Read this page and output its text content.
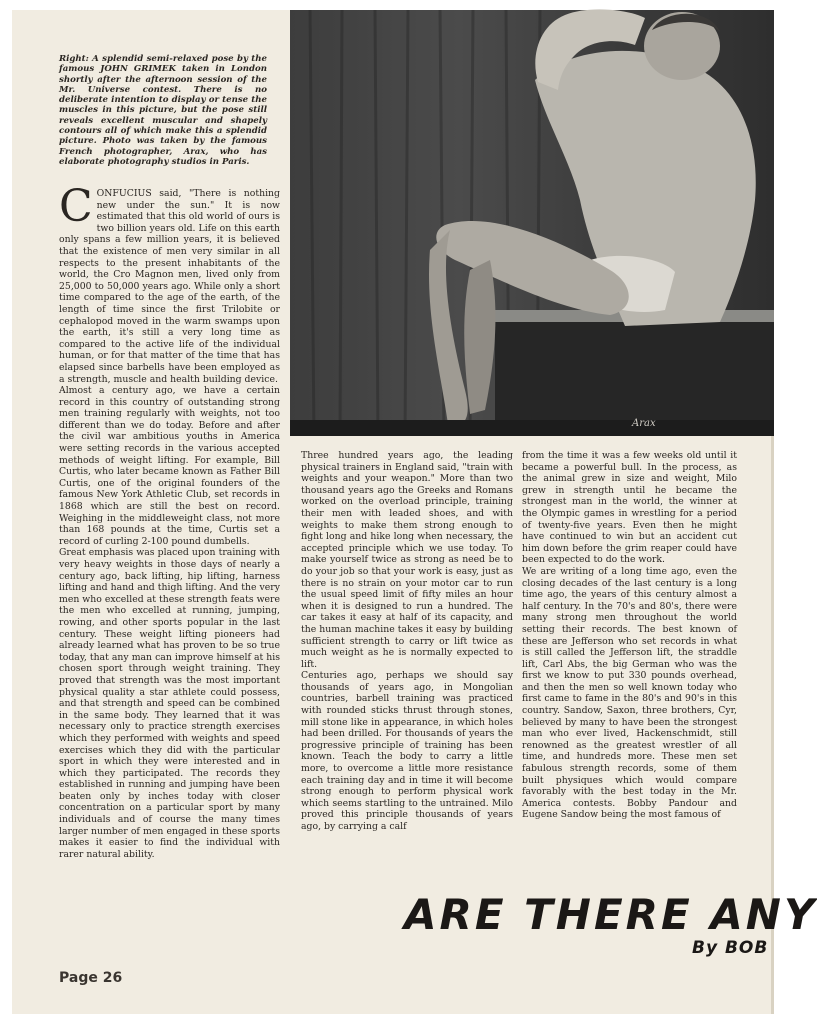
Right: A splendid semi-relaxed pose by the famous JOHN GRIMEK taken in London shortly after the afternoon session of the Mr. Universe contest. There is no deliberate intention to display or tense the muscles in this picture, but the pose still reveals excellent muscular and shapely contours all of which make this a splendid picture. Photo was taken by the famous French photographer, Arax, who has elaborate photography studios in Paris.

Arax

CONFUCIUS said, "There is nothing new under the sun." It is now estimated that this old world of ours is two billion years old. Life on this earth only spans a few million years, it is believed that the existence of men very similar in all respects to the present inhabitants of the world, the Cro Magnon men, lived only from 25,000 to 50,000 years ago. While only a short time compared to the age of the earth, of the length of time since the first Trilobite or cephalopod moved in the warm swamps upon the earth, it's still a very long time as compared to the active life of the individual human, or for that matter of the time that has elapsed since barbells have been employed as a strength, muscle and health building device.
Almost a century ago, we have a certain record in this country of outstanding strong men training regularly with weights, not too different than we do today. Before and after the civil war ambitious youths in America were setting records in the various accepted methods of weight lifting. For example, Bill Curtis, who later became known as Father Bill Curtis, one of the original founders of the famous New York Athletic Club, set records in 1868 which are still the best on record. Weighing in the middleweight class, not more than 168 pounds at the time, Curtis set a record of curling 2-100 pound dumbells.
Great emphasis was placed upon training with very heavy weights in those days of nearly a century ago, back lifting, hip lifting, harness lifting and hand and thigh lifting. And the very men who excelled at these strength feats were the men who excelled at running, jumping, rowing, and other sports popular in the last century. These weight lifting pioneers had already learned what has proven to be so true today, that any man can improve himself at his chosen sport through weight training. They proved that strength was the most important physical quality a star athlete could possess, and that strength and speed can be combined in the same body. They learned that it was necessary only to practice strength exercises which they performed with weights and speed exercises which they did with the particular sport in which they were interested and in which they participated. The records they established in running and jumping have been beaten only by inches today with closer concentration on a particular sport by many individuals and of course the many times larger number of men engaged in these sports makes it easier to find the individual with rarer natural ability.

Three hundred years ago, the leading physical trainers in England said, "train with weights and your weapon." More than two thousand years ago the Greeks and Romans worked on the overload principle, training their men with leaded shoes, and with weights to make them strong enough to fight long and hike long when necessary, the accepted principle which we use today. To make yourself twice as strong as need be to do your job so that your work is easy, just as there is no strain on your motor car to run the usual speed limit of fifty miles an hour when it is designed to run a hundred. The car takes it easy at half of its capacity, and the human machine takes it easy by building sufficient strength to carry or lift twice as much weight as he is normally expected to lift.
Centuries ago, perhaps we should say thousands of years ago, in Mongolian countries, barbell training was practiced with rounded sticks thrust through stones, mill stone like in appearance, in which holes had been drilled. For thousands of years the progressive principle of training has been known. Teach the body to carry a little more, to overcome a little more resistance each training day and in time it will become strong enough to perform physical work which seems startling to the untrained. Milo proved this principle thousands of years ago, by carrying a calf

from the time it was a few weeks old until it became a powerful bull. In the process, as the animal grew in size and weight, Milo grew in strength until he became the strongest man in the world, the winner at the Olympic games in wrestling for a period of twenty-five years. Even then he might have continued to win but an accident cut him down before the grim reaper could have been expected to do the work.
We are writing of a long time ago, even the closing decades of the last century is a long time ago, the years of this century almost a half century. In the 70's and 80's, there were many strong men throughout the world setting their records. The best known of these are Jefferson who set records in what is still called the Jefferson lift, the straddle lift, Carl Abs, the big German who was the first we know to put 330 pounds overhead, and then the men so well known today who first came to fame in the 80's and 90's in this country. Sandow, Saxon, three brothers, Cyr, believed by many to have been the strongest man who ever lived, Hackenschmidt, still renowned as the greatest wrestler of all time, and hundreds more. These men set fabulous strength records, some of them built physiques which would compare favorably with the best today in the Mr. America contests. Bobby Pandour and Eugene Sandow being the most famous of

ARE THERE ANY
By BOB
Page 26
